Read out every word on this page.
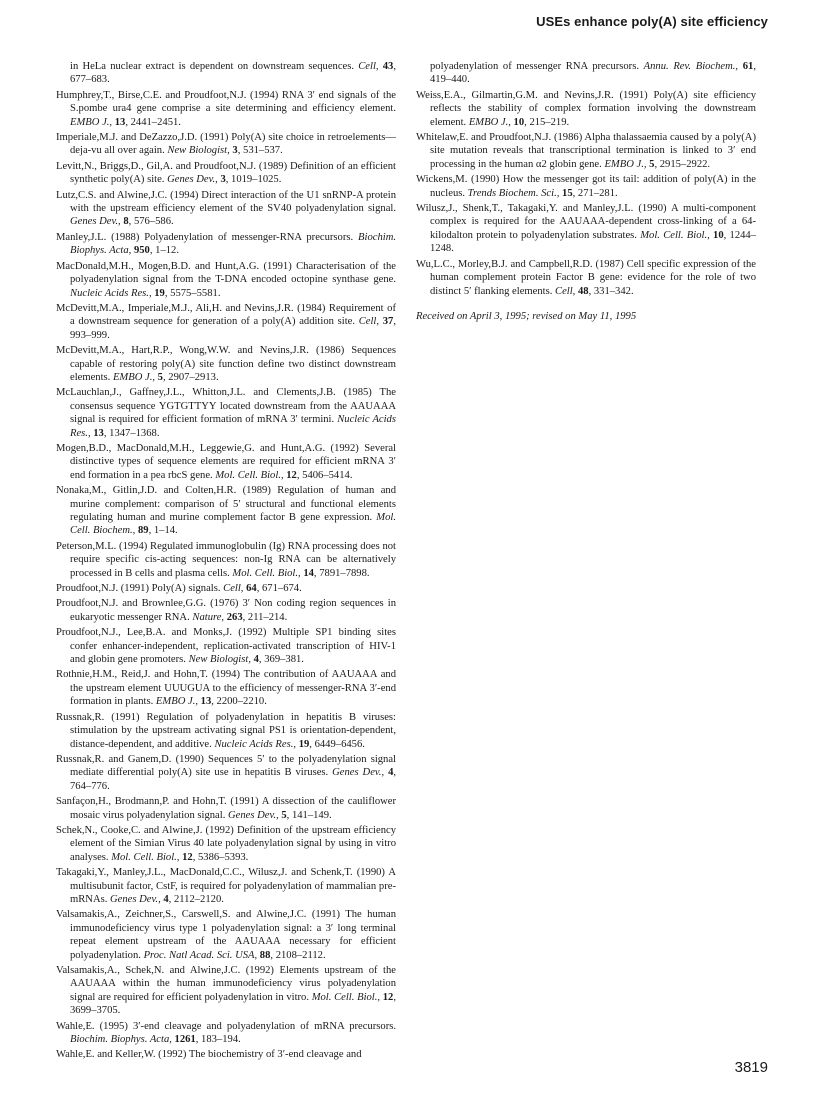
USEs enhance poly(A) site efficiency
in HeLa nuclear extract is dependent on downstream sequences. Cell, 43, 677–683.
Humphrey,T., Birse,C.E. and Proudfoot,N.J. (1994) RNA 3′ end signals of the S.pombe ura4 gene comprise a site determining and efficiency element. EMBO J., 13, 2441–2451.
Imperiale,M.J. and DeZazzo,J.D. (1991) Poly(A) site choice in retroelements—deja-vu all over again. New Biologist, 3, 531–537.
Levitt,N., Briggs,D., Gil,A. and Proudfoot,N.J. (1989) Definition of an efficient synthetic poly(A) site. Genes Dev., 3, 1019–1025.
Lutz,C.S. and Alwine,J.C. (1994) Direct interaction of the U1 snRNP-A protein with the upstream efficiency element of the SV40 polyadenylation signal. Genes Dev., 8, 576–586.
Manley,J.L. (1988) Polyadenylation of messenger-RNA precursors. Biochim. Biophys. Acta, 950, 1–12.
MacDonald,M.H., Mogen,B.D. and Hunt,A.G. (1991) Characterisation of the polyadenylation signal from the T-DNA encoded octopine synthase gene. Nucleic Acids Res., 19, 5575–5581.
McDevitt,M.A., Imperiale,M.J., Ali,H. and Nevins,J.R. (1984) Requirement of a downstream sequence for generation of a poly(A) addition site. Cell, 37, 993–999.
McDevitt,M.A., Hart,R.P., Wong,W.W. and Nevins,J.R. (1986) Sequences capable of restoring poly(A) site function define two distinct downstream elements. EMBO J., 5, 2907–2913.
McLauchlan,J., Gaffney,J.L., Whitton,J.L. and Clements,J.B. (1985) The consensus sequence YGTGTTYY located downstream from the AAUAAA signal is required for efficient formation of mRNA 3′ termini. Nucleic Acids Res., 13, 1347–1368.
Mogen,B.D., MacDonald,M.H., Leggewie,G. and Hunt,A.G. (1992) Several distinctive types of sequence elements are required for efficient mRNA 3′ end formation in a pea rbcS gene. Mol. Cell. Biol., 12, 5406–5414.
Nonaka,M., Gitlin,J.D. and Colten,H.R. (1989) Regulation of human and murine complement: comparison of 5′ structural and functional elements regulating human and murine complement factor B gene expression. Mol. Cell. Biochem., 89, 1–14.
Peterson,M.L. (1994) Regulated immunoglobulin (Ig) RNA processing does not require specific cis-acting sequences: non-Ig RNA can be alternatively processed in B cells and plasma cells. Mol. Cell. Biol., 14, 7891–7898.
Proudfoot,N.J. (1991) Poly(A) signals. Cell, 64, 671–674.
Proudfoot,N.J. and Brownlee,G.G. (1976) 3′ Non coding region sequences in eukaryotic messenger RNA. Nature, 263, 211–214.
Proudfoot,N.J., Lee,B.A. and Monks,J. (1992) Multiple SP1 binding sites confer enhancer-independent, replication-activated transcription of HIV-1 and globin gene promoters. New Biologist, 4, 369–381.
Rothnie,H.M., Reid,J. and Hohn,T. (1994) The contribution of AAUAAA and the upstream element UUUGUA to the efficiency of messenger-RNA 3′-end formation in plants. EMBO J., 13, 2200–2210.
Russnak,R. (1991) Regulation of polyadenylation in hepatitis B viruses: stimulation by the upstream activating signal PS1 is orientation-dependent, distance-dependent, and additive. Nucleic Acids Res., 19, 6449–6456.
Russnak,R. and Ganem,D. (1990) Sequences 5′ to the polyadenylation signal mediate differential poly(A) site use in hepatitis B viruses. Genes Dev., 4, 764–776.
Sanfaçon,H., Brodmann,P. and Hohn,T. (1991) A dissection of the cauliflower mosaic virus polyadenylation signal. Genes Dev., 5, 141–149.
Schek,N., Cooke,C. and Alwine,J. (1992) Definition of the upstream efficiency element of the Simian Virus 40 late polyadenylation signal by using in vitro analyses. Mol. Cell. Biol., 12, 5386–5393.
Takagaki,Y., Manley,J.L., MacDonald,C.C., Wilusz,J. and Schenk,T. (1990) A multisubunit factor, CstF, is required for polyadenylation of mammalian pre-mRNAs. Genes Dev., 4, 2112–2120.
Valsamakis,A., Zeichner,S., Carswell,S. and Alwine,J.C. (1991) The human immunodeficiency virus type 1 polyadenylation signal: a 3′ long terminal repeat element upstream of the AAUAAA necessary for efficient polyadenylation. Proc. Natl Acad. Sci. USA, 88, 2108–2112.
Valsamakis,A., Schek,N. and Alwine,J.C. (1992) Elements upstream of the AAUAAA within the human immunodeficiency virus polyadenylation signal are required for efficient polyadenylation in vitro. Mol. Cell. Biol., 12, 3699–3705.
Wahle,E. (1995) 3′-end cleavage and polyadenylation of mRNA precursors. Biochim. Biophys. Acta, 1261, 183–194.
Wahle,E. and Keller,W. (1992) The biochemistry of 3′-end cleavage and
polyadenylation of messenger RNA precursors. Annu. Rev. Biochem., 61, 419–440.
Weiss,E.A., Gilmartin,G.M. and Nevins,J.R. (1991) Poly(A) site efficiency reflects the stability of complex formation involving the downstream element. EMBO J., 10, 215–219.
Whitelaw,E. and Proudfoot,N.J. (1986) Alpha thalassaemia caused by a poly(A) site mutation reveals that transcriptional termination is linked to 3′ end processing in the human α2 globin gene. EMBO J., 5, 2915–2922.
Wickens,M. (1990) How the messenger got its tail: addition of poly(A) in the nucleus. Trends Biochem. Sci., 15, 271–281.
Wilusz,J., Shenk,T., Takagaki,Y. and Manley,J.L. (1990) A multi-component complex is required for the AAUAAA-dependent cross-linking of a 64-kilodalton protein to polyadenylation substrates. Mol. Cell. Biol., 10, 1244–1248.
Wu,L.C., Morley,B.J. and Campbell,R.D. (1987) Cell specific expression of the human complement protein Factor B gene: evidence for the role of two distinct 5′ flanking elements. Cell, 48, 331–342.
Received on April 3, 1995; revised on May 11, 1995
3819
